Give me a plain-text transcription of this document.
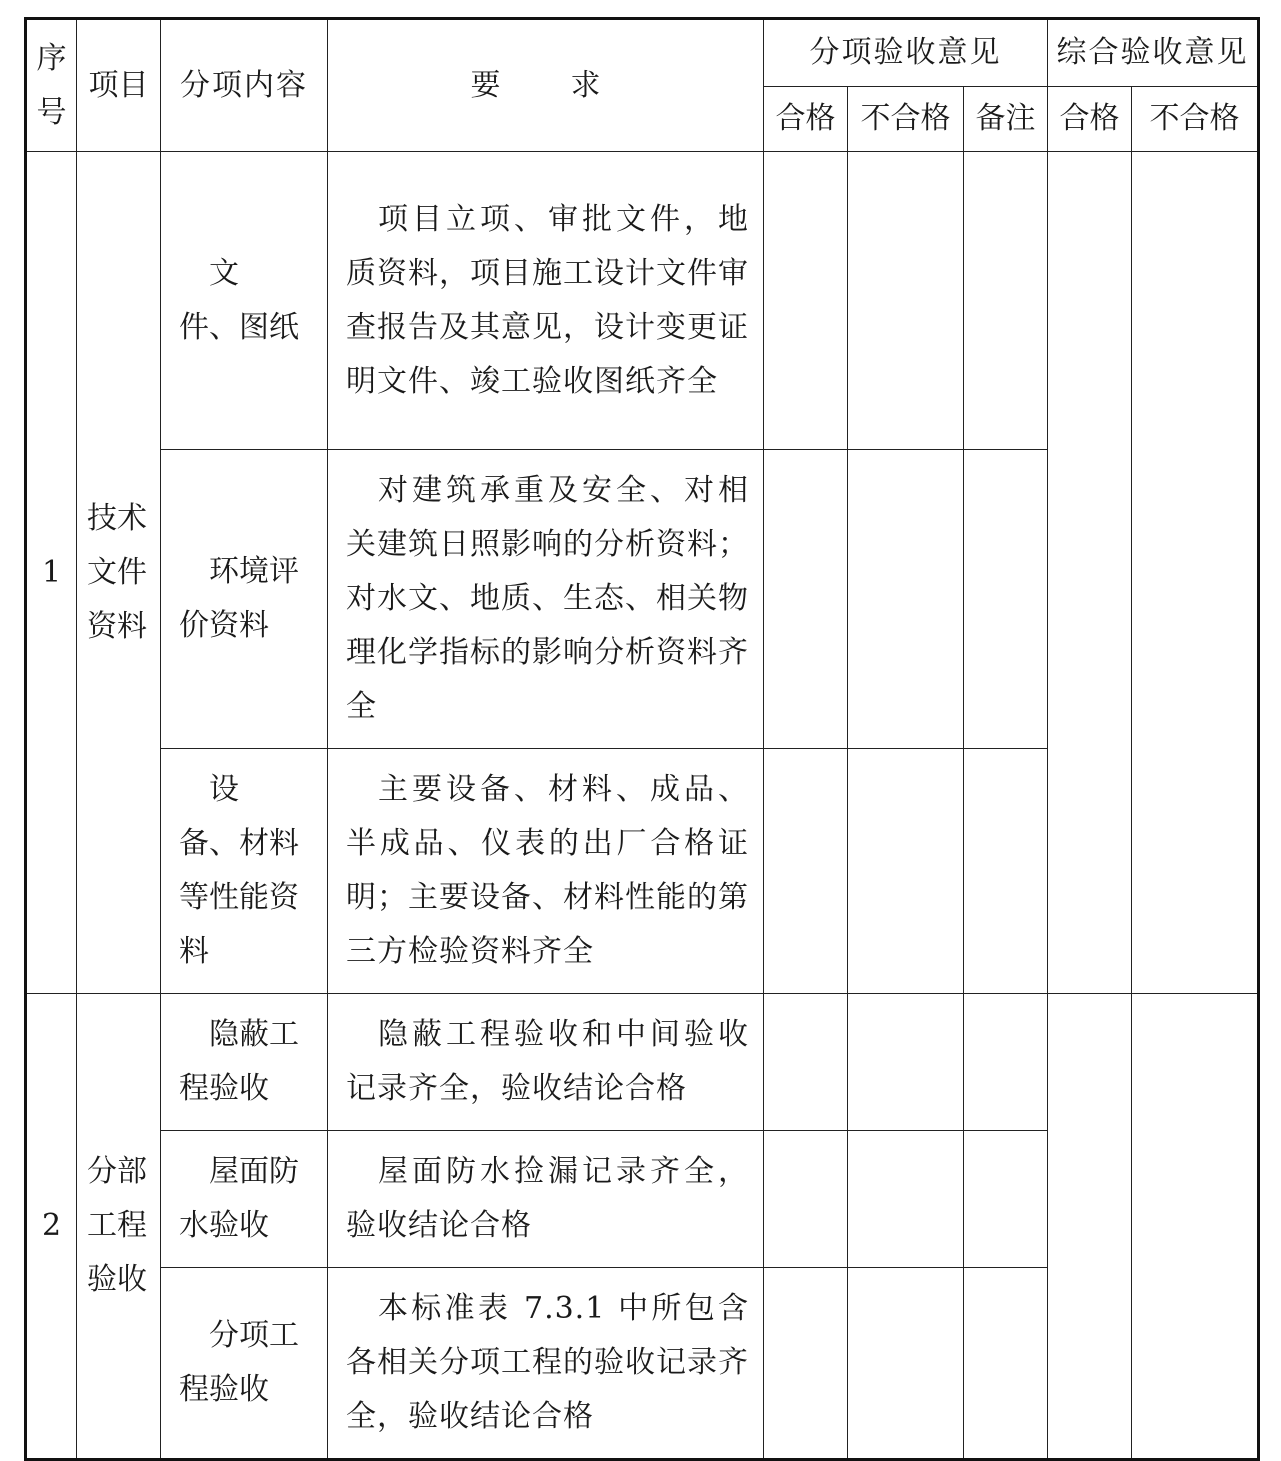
序号	项目	分项内容	要　求	分项验收意见			综合验收意见	
				合格	不合格	备注	合格	不合格
1	技术文件资料	文　件、图纸	项目立项、审批文件，地质资料，项目施工设计文件审查报告及其意见，设计变更证明文件、竣工验收图纸齐全					
		环境评价资料	对建筑承重及安全、对相关建筑日照影响的分析资料；对水文、地质、生态、相关物理化学指标的影响分析资料齐全					
		设　备、材料等性能资料	主要设备、材料、成品、半成品、仪表的出厂合格证明；主要设备、材料性能的第三方检验资料齐全					
2	分部工程验收	隐蔽工程验收	隐蔽工程验收和中间验收记录齐全，验收结论合格					
		屋面防水验收	屋面防水捡漏记录齐全，验收结论合格					
		分项工程验收	本标准表 7.3.1 中所包含各相关分项工程的验收记录齐全，验收结论合格					
